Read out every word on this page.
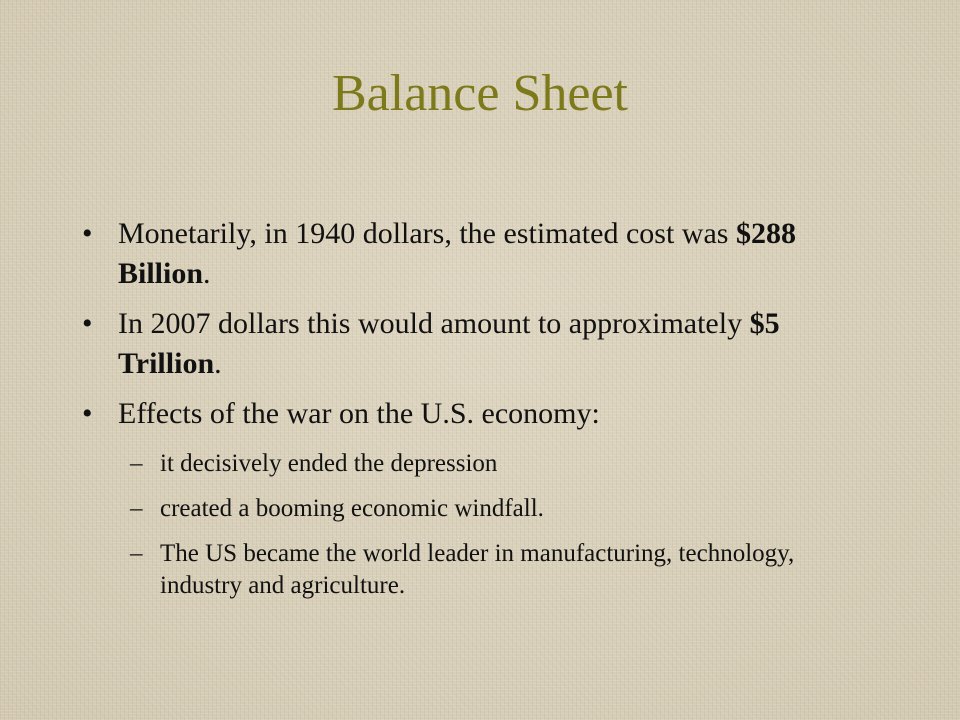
Balance Sheet
• Monetarily, in 1940 dollars, the estimated cost was $288 Billion.
• In 2007 dollars this would amount to approximately $5 Trillion.
• Effects of the war on the U.S. economy:
– it decisively ended the depression
– created a booming economic windfall.
– The US became the world leader in manufacturing, technology, industry and agriculture.
